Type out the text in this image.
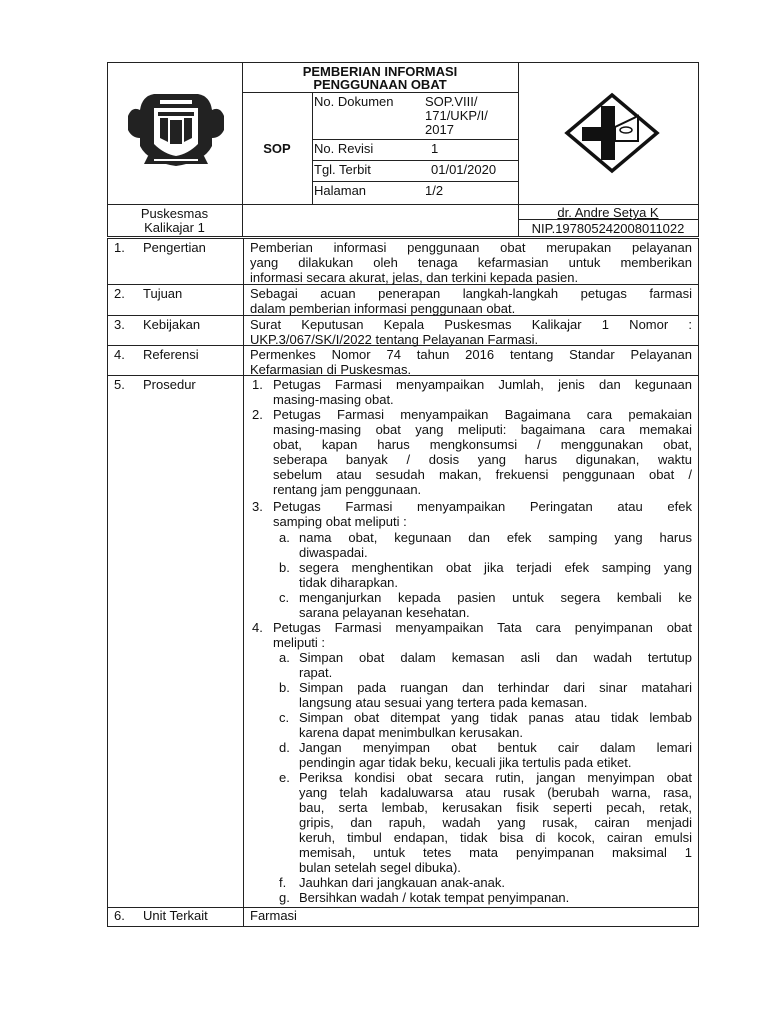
PEMBERIAN INFORMASI
PENGGUNAAN OBAT
SOP
No. Dokumen SOP.VIII/
171/UKP/I/
2017
No. Revisi	1
Tgl. Terbit	01/01/2020
Halaman	1/2
Puskesmas
Kalikajar 1
dr. Andre Setya K
NIP.197805242008011022
1. Pengertian	Pemberian informasi penggunaan obat merupakan pelayanan
yang dilakukan oleh tenaga kefarmasian untuk memberikan
informasi secara akurat, jelas, dan terkini kepada pasien.
2. Tujuan	Sebagai acuan penerapan langkah-langkah petugas farmasi
dalam pemberian informasi penggunaan obat.
3. Kebijakan	Surat Keputusan Kepala Puskesmas Kalikajar 1 Nomor :
UKP.3/067/SK/I/2022 tentang Pelayanan Farmasi.
4. Referensi	Permenkes Nomor 74 tahun 2016 tentang Standar Pelayanan
Kefarmasian di Puskesmas.
5. Prosedur	1. Petugas Farmasi menyampaikan Jumlah, jenis dan kegunaan
masing-masing obat.
2. Petugas Farmasi menyampaikan Bagaimana cara pemakaian
masing-masing obat yang meliputi: bagaimana cara memakai
obat, kapan harus mengkonsumsi / menggunakan obat,
seberapa banyak / dosis yang harus digunakan, waktu
sebelum atau sesudah makan, frekuensi penggunaan obat /
rentang jam penggunaan.
3. Petugas Farmasi menyampaikan Peringatan atau efek
samping obat meliputi :
a. nama obat, kegunaan dan efek samping yang harus
diwaspadai.
b. segera menghentikan obat jika terjadi efek samping yang
tidak diharapkan.
c. menganjurkan kepada pasien untuk segera kembali ke
sarana pelayanan kesehatan.
4. Petugas Farmasi menyampaikan Tata cara penyimpanan obat
meliputi :
a. Simpan obat dalam kemasan asli dan wadah tertutup
rapat.
b. Simpan pada ruangan dan terhindar dari sinar matahari
langsung atau sesuai yang tertera pada kemasan.
c. Simpan obat ditempat yang tidak panas atau tidak lembab
karena dapat menimbulkan kerusakan.
d. Jangan menyimpan obat bentuk cair dalam lemari
pendingin agar tidak beku, kecuali jika tertulis pada etiket.
e. Periksa kondisi obat secara rutin, jangan menyimpan obat
yang telah kadaluwarsa atau rusak (berubah warna, rasa,
bau, serta lembab, kerusakan fisik seperti pecah, retak,
gripis, dan rapuh, wadah yang rusak, cairan menjadi
keruh, timbul endapan, tidak bisa di kocok, cairan emulsi
memisah, untuk tetes mata penyimpanan maksimal 1
bulan setelah segel dibuka).
f. Jauhkan dari jangkauan anak-anak.
g. Bersihkan wadah / kotak tempat penyimpanan.
6. Unit Terkait	Farmasi
